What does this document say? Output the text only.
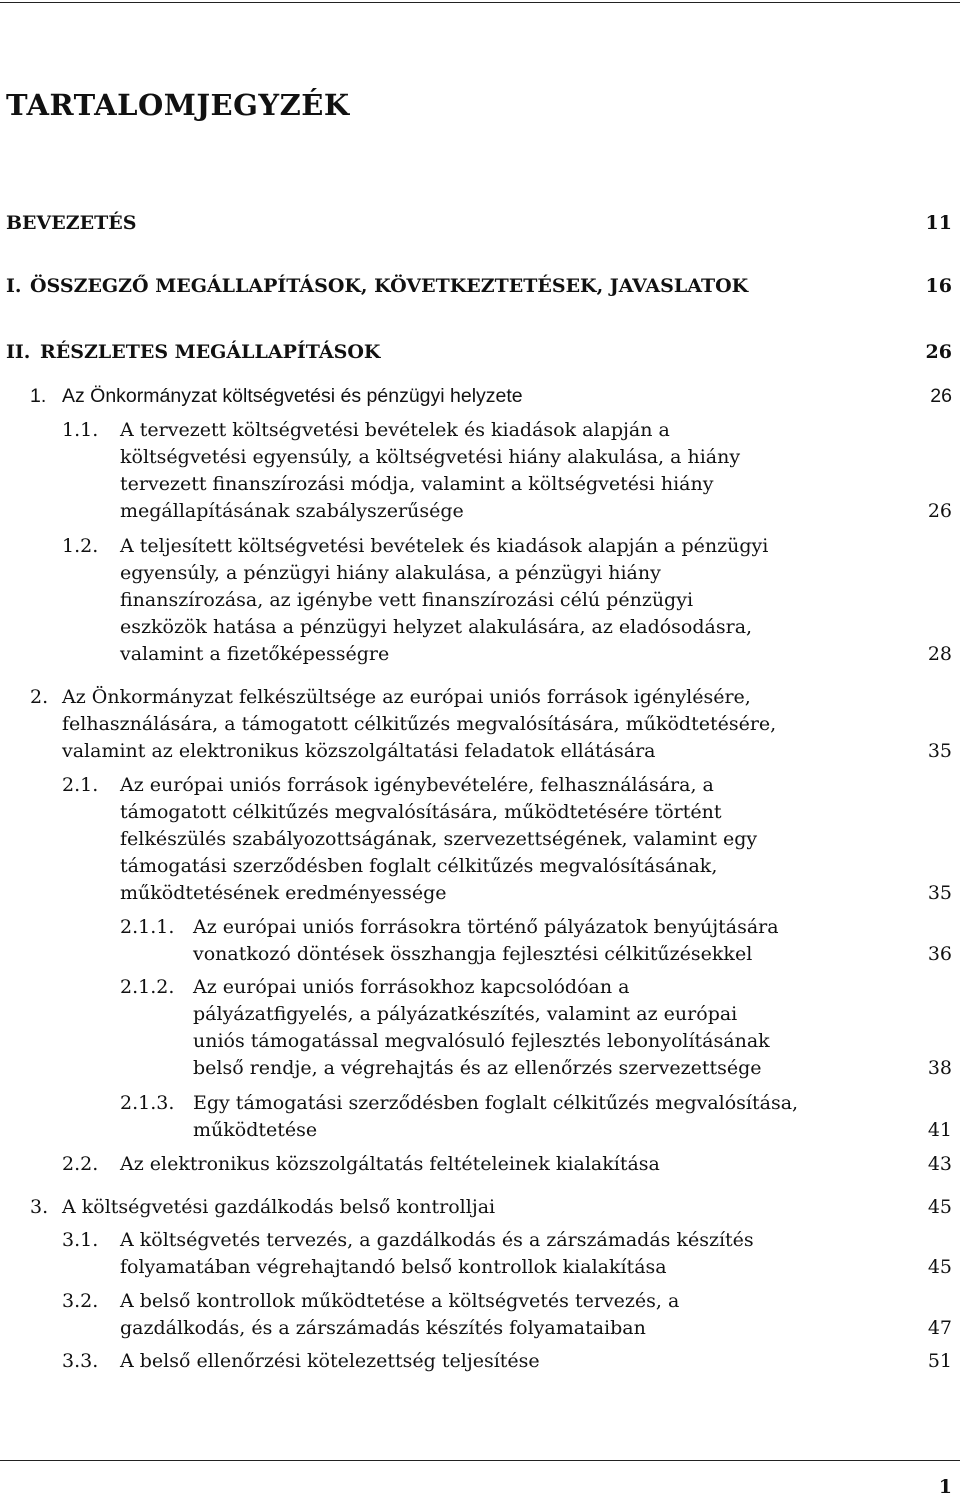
TARTALOMJEGYZÉK
BEVEZETÉS	11
I. ÖSSZEGZŐ MEGÁLLAPÍTÁSOK, KÖVETKEZTETÉSEK, JAVASLATOK	16
II. RÉSZLETES MEGÁLLAPÍTÁSOK	26
1. Az Önkormányzat költségvetési és pénzügyi helyzete	26
1.1. A tervezett költségvetési bevételek és kiadások alapján a
költségvetési egyensúly, a költségvetési hiány alakulása, a hiány
tervezett finanszírozási módja, valamint a költségvetési hiány
megállapításának szabályszerűsége	26
1.2. A teljesített költségvetési bevételek és kiadások alapján a pénzügyi
egyensúly, a pénzügyi hiány alakulása, a pénzügyi hiány
finanszírozása, az igénybe vett finanszírozási célú pénzügyi
eszközök hatása a pénzügyi helyzet alakulására, az eladósodásra,
valamint a fizetőképességre	28
2. Az Önkormányzat felkészültsége az európai uniós források igénylésére,
felhasználására, a támogatott célkitűzés megvalósítására, működtetésére,
valamint az elektronikus közszolgáltatási feladatok ellátására	35
2.1. Az európai uniós források igénybevételére, felhasználására, a
támogatott célkitűzés megvalósítására, működtetésére történt
felkészülés szabályozottságának, szervezettségének, valamint egy
támogatási szerződésben foglalt célkitűzés megvalósításának,
működtetésének eredményessége	35
2.1.1. Az európai uniós forrásokra történő pályázatok benyújtására
vonatkozó döntések összhangja fejlesztési célkitűzésekkel	36
2.1.2. Az európai uniós forrásokhoz kapcsolódóan a
pályázatfigyelés, a pályázatkészítés, valamint az európai
uniós támogatással megvalósuló fejlesztés lebonyolításának
belső rendje, a végrehajtás és az ellenőrzés szervezettsége	38
2.1.3. Egy támogatási szerződésben foglalt célkitűzés megvalósítása,
működtetése	41
2.2. Az elektronikus közszolgáltatás feltételeinek kialakítása	43
3. A költségvetési gazdálkodás belső kontrolljai	45
3.1. A költségvetés tervezés, a gazdálkodás és a zárszámadás készítés
folyamatában végrehajtandó belső kontrollok kialakítása	45
3.2. A belső kontrollok működtetése a költségvetés tervezés, a
gazdálkodás, és a zárszámadás készítés folyamataiban	47
3.3. A belső ellenőrzési kötelezettség teljesítése	51
1
